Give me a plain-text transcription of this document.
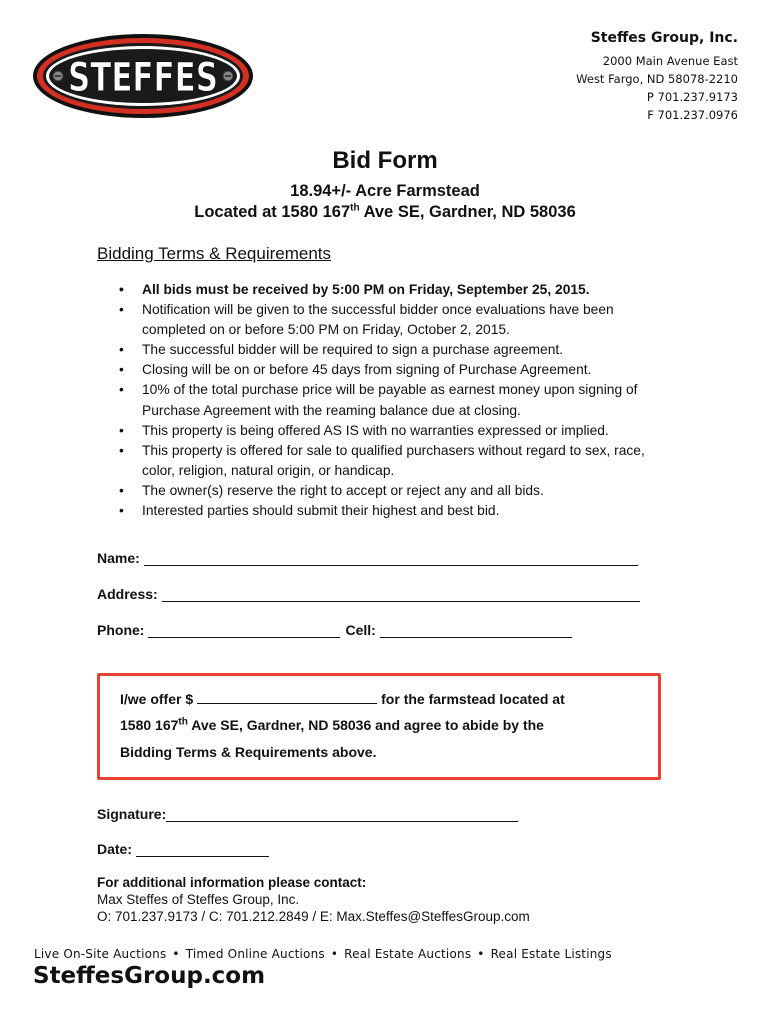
STEFFES
Steffes Group, Inc.
2000 Main Avenue East
West Fargo, ND 58078-2210
P 701.237.9173
F 701.237.0976
Bid Form
18.94+/- Acre Farmstead
Located at 1580 167th Ave SE, Gardner, ND 58036
Bidding Terms & Requirements
• All bids must be received by 5:00 PM on Friday, September 25, 2015.
• Notification will be given to the successful bidder once evaluations have been completed on or before 5:00 PM on Friday, October 2, 2015.
• The successful bidder will be required to sign a purchase agreement.
• Closing will be on or before 45 days from signing of Purchase Agreement.
• 10% of the total purchase price will be payable as earnest money upon signing of Purchase Agreement with the reaming balance due at closing.
• This property is being offered AS IS with no warranties expressed or implied.
• This property is offered for sale to qualified purchasers without regard to sex, race, color, religion, natural origin, or handicap.
• The owner(s) reserve the right to accept or reject any and all bids.
• Interested parties should submit their highest and best bid.
Name:
Address:
Phone:	Cell:
I/we offer $	for the farmstead located at
1580 167th Ave SE, Gardner, ND 58036 and agree to abide by the
Bidding Terms & Requirements above.
Signature:
Date:
For additional information please contact:
Max Steffes of Steffes Group, Inc.
O: 701.237.9173 / C: 701.212.2849 / E: Max.Steffes@SteffesGroup.com
Live On-Site Auctions • Timed Online Auctions • Real Estate Auctions • Real Estate Listings
SteffesGroup.com
